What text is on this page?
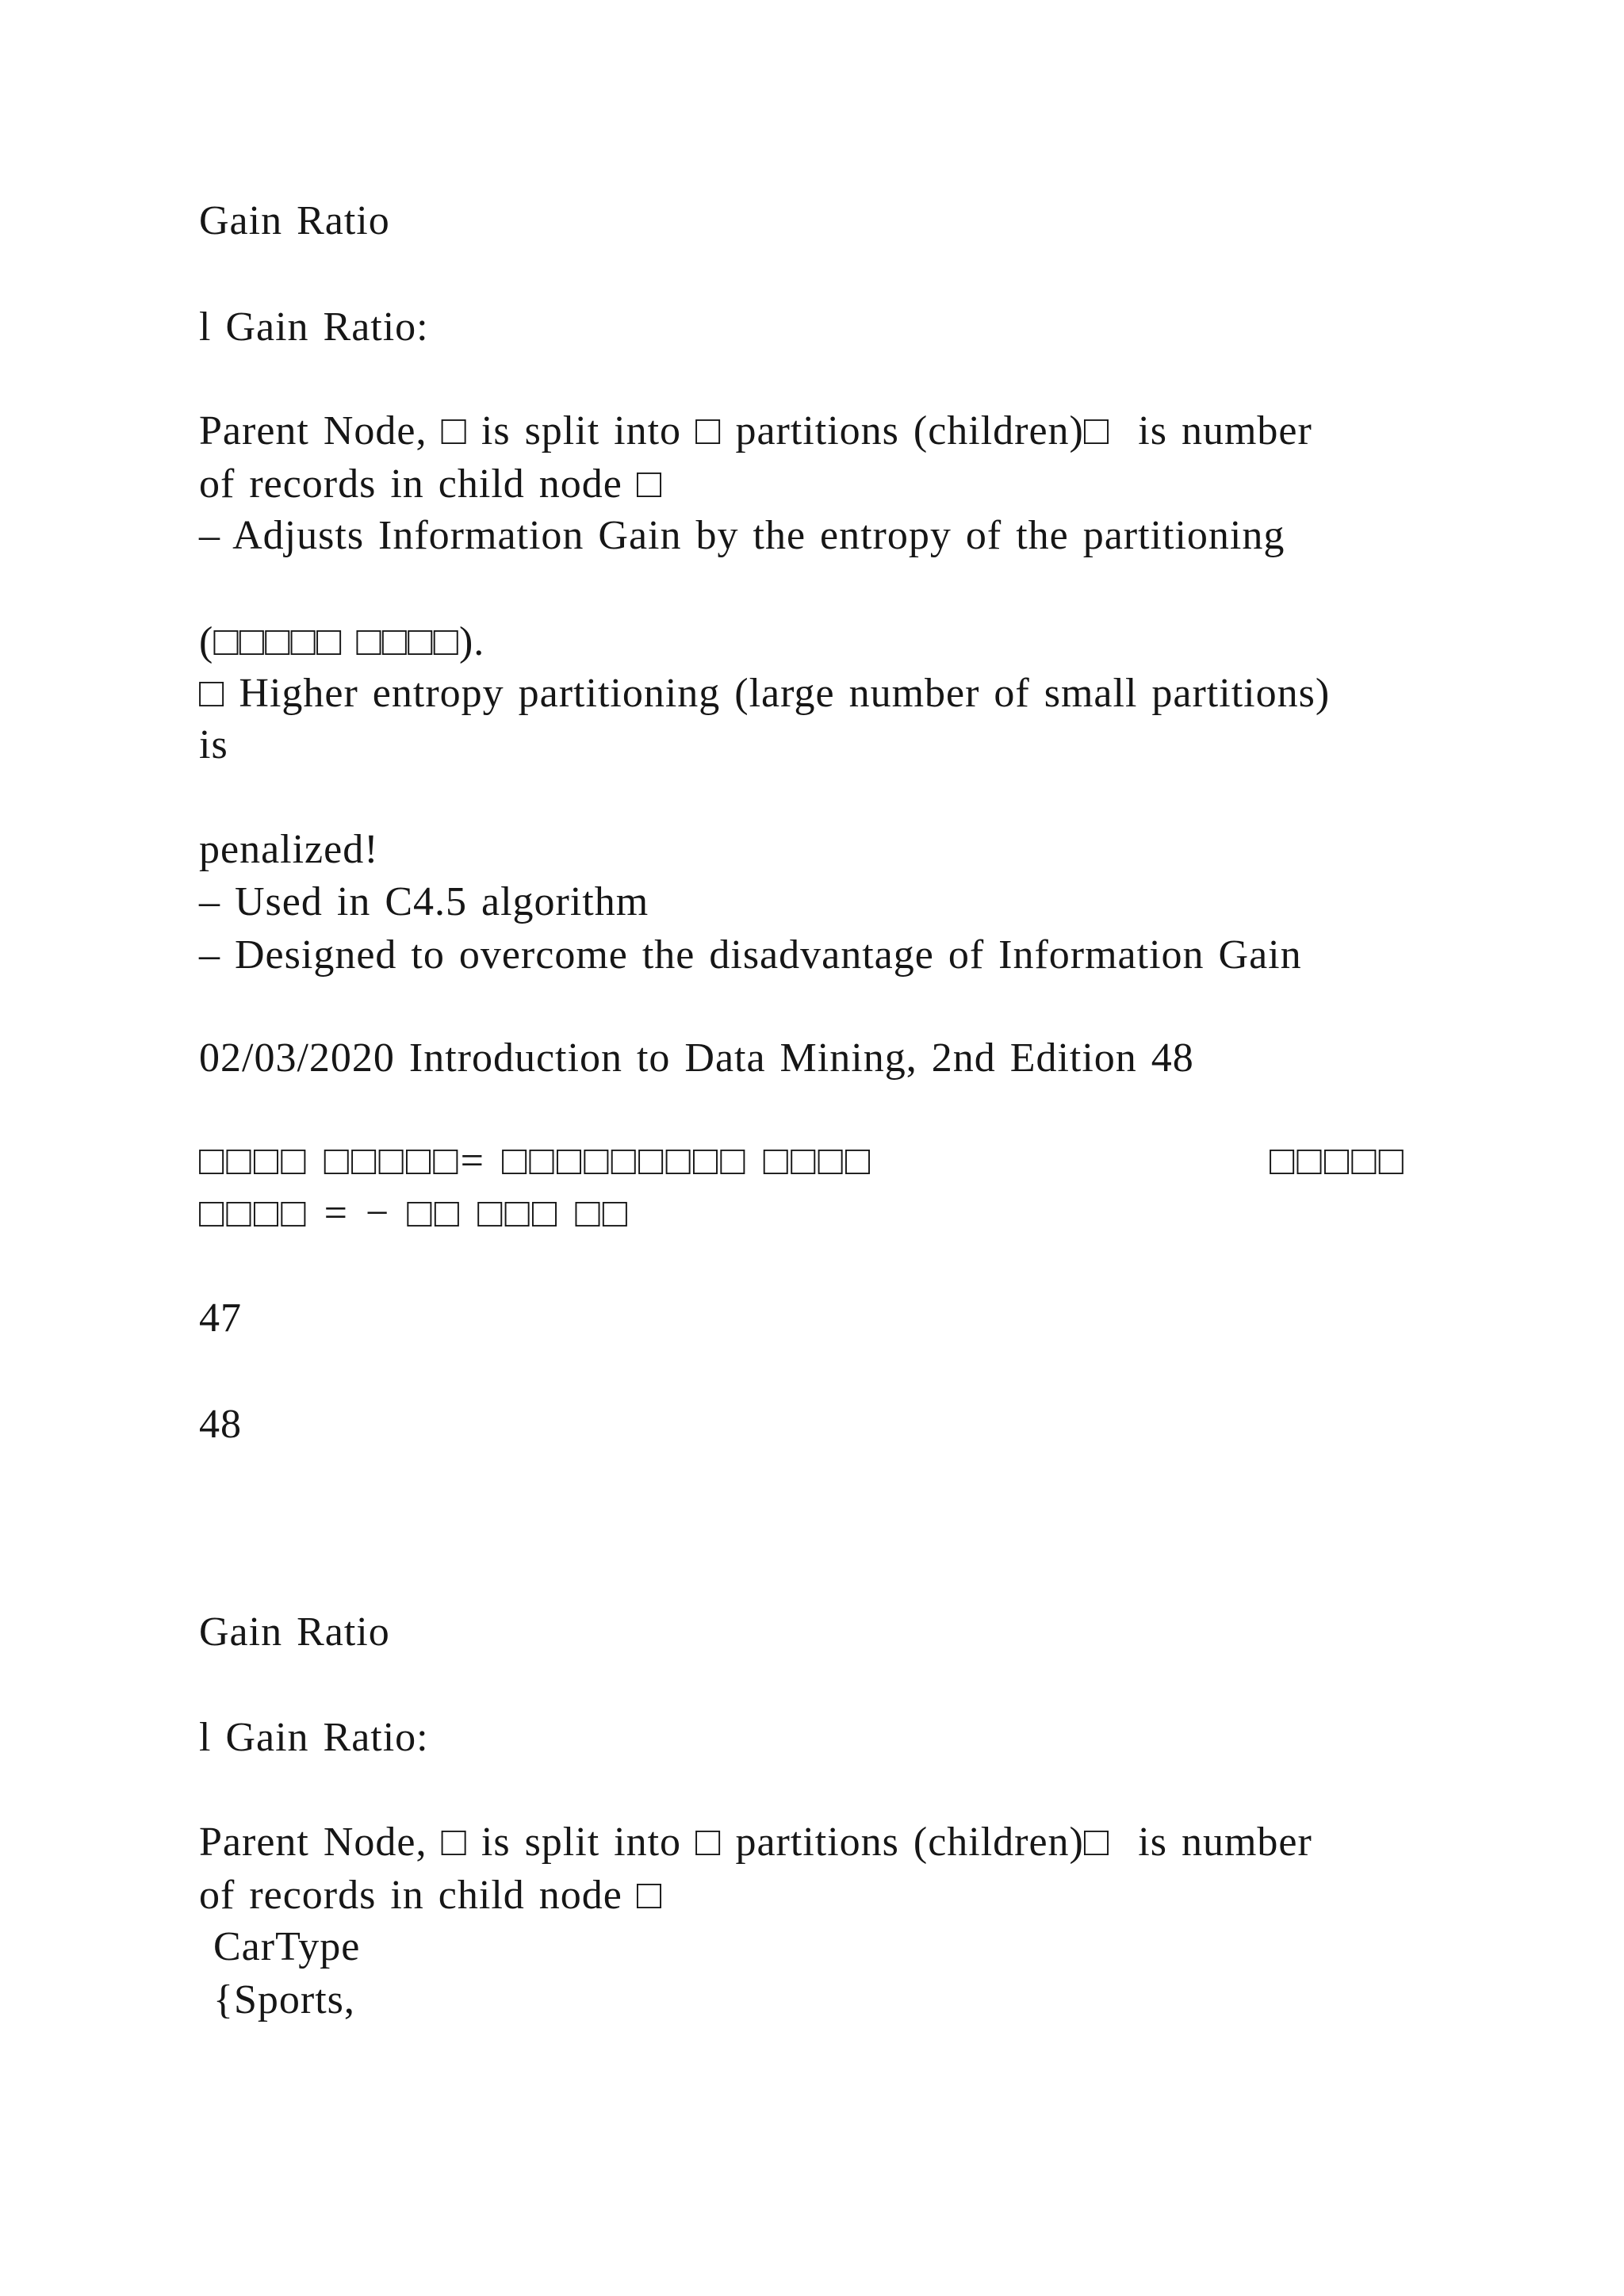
Gain Ratio
l Gain Ratio:
Parent Node, □ is split into □ partitions (children)□  is number
of records in child node □
– Adjusts Information Gain by the entropy of the partitioning
(□□□□□ □□□□).
□ Higher entropy partitioning (large number of small partitions)
is
penalized!
– Used in C4.5 algorithm
– Designed to overcome the disadvantage of Information Gain
02/03/2020 Introduction to Data Mining, 2nd Edition 48
□□□□ □□□□□= □□□□□□□□□ □□□□	□□□□□
□□□□ = − □□ □□□ □□
47
48
Gain Ratio
l Gain Ratio:
Parent Node, □ is split into □ partitions (children)□  is number
of records in child node □
CarType
{Sports,
